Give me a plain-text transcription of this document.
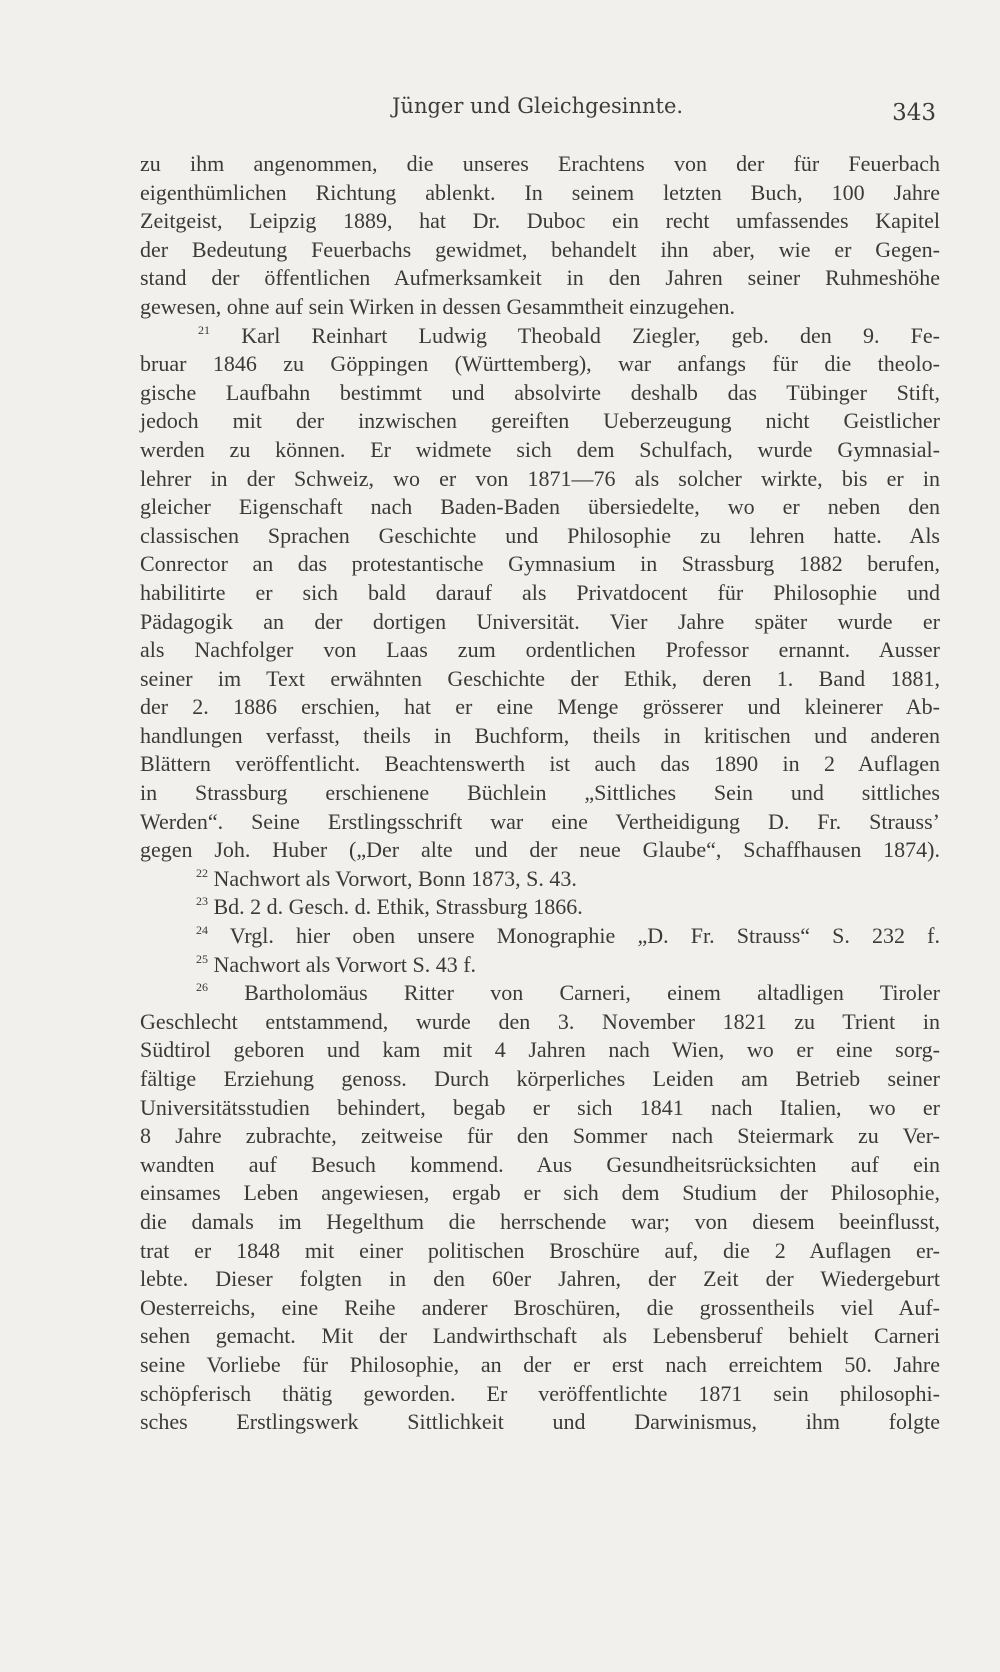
Jünger und Gleichgesinnte.	343
zu ihm angenommen, die unseres Erachtens von der für Feuerbach
eigenthümlichen Richtung ablenkt. In seinem letzten Buch, 100 Jahre
Zeitgeist, Leipzig 1889, hat Dr. Duboc ein recht umfassendes Kapitel
der Bedeutung Feuerbachs gewidmet, behandelt ihn aber, wie er Gegen-
stand der öffentlichen Aufmerksamkeit in den Jahren seiner Ruhmeshöhe
gewesen, ohne auf sein Wirken in dessen Gesammtheit einzugehen.
$^{21}$ Karl Reinhart Ludwig Theobald Ziegler, geb. den 9. Fe-
bruar 1846 zu Göppingen (Württemberg), war anfangs für die theolo-
gische Laufbahn bestimmt und absolvirte deshalb das Tübinger Stift,
jedoch mit der inzwischen gereiften Ueberzeugung nicht Geistlicher
werden zu können. Er widmete sich dem Schulfach, wurde Gymnasial-
lehrer in der Schweiz, wo er von 1871—76 als solcher wirkte, bis er in
gleicher Eigenschaft nach Baden-Baden übersiedelte, wo er neben den
classischen Sprachen Geschichte und Philosophie zu lehren hatte. Als
Conrector an das protestantische Gymnasium in Strassburg 1882 berufen,
habilitirte er sich bald darauf als Privatdocent für Philosophie und
Pädagogik an der dortigen Universität. Vier Jahre später wurde er
als Nachfolger von Laas zum ordentlichen Professor ernannt. Ausser
seiner im Text erwähnten Geschichte der Ethik, deren 1. Band 1881,
der 2. 1886 erschien, hat er eine Menge grösserer und kleinerer Ab-
handlungen verfasst, theils in Buchform, theils in kritischen und anderen
Blättern veröffentlicht. Beachtenswerth ist auch das 1890 in 2 Auflagen
in Strassburg erschienene Büchlein „Sittliches Sein und sittliches
Werden“. Seine Erstlingsschrift war eine Vertheidigung D. Fr. Strauss’
gegen Joh. Huber („Der alte und der neue Glaube“, Schaffhausen 1874).
$^{22}$ Nachwort als Vorwort, Bonn 1873, S. 43.
$^{23}$ Bd. 2 d. Gesch. d. Ethik, Strassburg 1866.
$^{24}$ Vrgl. hier oben unsere Monographie „D. Fr. Strauss“ S. 232 f.
$^{25}$ Nachwort als Vorwort S. 43 f.
$^{26}$ Bartholomäus Ritter von Carneri, einem altadligen Tiroler
Geschlecht entstammend, wurde den 3. November 1821 zu Trient in
Südtirol geboren und kam mit 4 Jahren nach Wien, wo er eine sorg-
fältige Erziehung genoss. Durch körperliches Leiden am Betrieb seiner
Universitätsstudien behindert, begab er sich 1841 nach Italien, wo er
8 Jahre zubrachte, zeitweise für den Sommer nach Steiermark zu Ver-
wandten auf Besuch kommend. Aus Gesundheitsrücksichten auf ein
einsames Leben angewiesen, ergab er sich dem Studium der Philosophie,
die damals im Hegelthum die herrschende war; von diesem beeinflusst,
trat er 1848 mit einer politischen Broschüre auf, die 2 Auflagen er-
lebte. Dieser folgten in den 60er Jahren, der Zeit der Wiedergeburt
Oesterreichs, eine Reihe anderer Broschüren, die grossentheils viel Auf-
sehen gemacht. Mit der Landwirthschaft als Lebensberuf behielt Carneri
seine Vorliebe für Philosophie, an der er erst nach erreichtem 50. Jahre
schöpferisch thätig geworden. Er veröffentlichte 1871 sein philosophi-
sches Erstlingswerk Sittlichkeit und Darwinismus, ihm folgte
